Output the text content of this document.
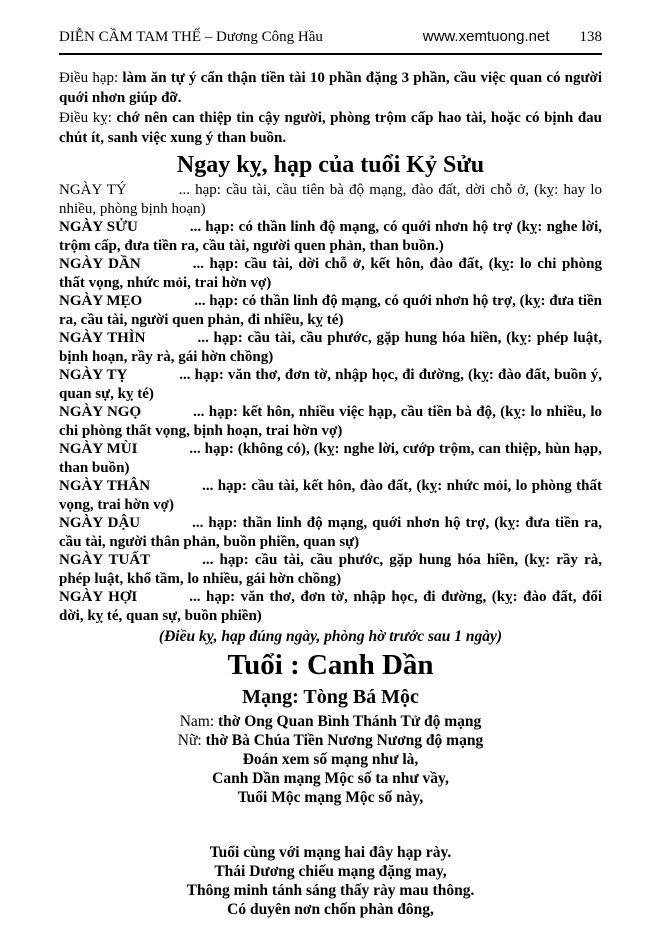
DIỄN CẦM TAM THẾ – Dương Công Hầu	www.xemtuong.net 138

Điều hạp: làm ăn tự ý cẩn thận tiền tài 10 phần đặng 3 phần, cầu việc quan có người quới nhơn giúp đỡ.

Điều kỵ: chớ nên can thiệp tin cậy người, phòng trộm cấp hao tài, hoặc có bịnh đau chút ít, sanh việc xung ý than buồn.

Ngay kỵ, hạp của tuổi Kỷ Sửu

NGÀY TÝ	... hạp: cầu tài, cầu tiên bà độ mạng, đào đất, dời chỗ ở, (kỵ: hay lo nhiều, phòng bịnh hoạn)

NGÀY SỬU	... hạp: có thần linh độ mạng, có quới nhơn hộ trợ (kỵ: nghe lời, trộm cấp, đưa tiền ra, cầu tài, người quen phản, than buồn.)

NGÀY DẦN	... hạp: cầu tài, dời chỗ ở, kết hôn, đào đất, (kỵ: lo chi phòng thất vọng, nhức mỏi, trai hờn vợ)

NGÀY MẸO	... hạp: có thần linh độ mạng, có quới nhơn hộ trợ, (kỵ: đưa tiền ra, cầu tài, người quen phản, đi nhiều, kỵ té)

NGÀY THÌN	... hạp: cầu tài, cầu phước, gặp hung hóa hiền, (kỵ: phép luật, bịnh hoạn, rầy rà, gái hờn chồng)

NGÀY TỴ	... hạp: văn thơ, đơn tờ, nhập học, đi đường, (kỵ: đào đất, buồn ý, quan sự, kỵ té)

NGÀY NGỌ	... hạp: kết hôn, nhiều việc hạp, cầu tiền bà độ, (kỵ: lo nhiều, lo chi phòng thất vọng, bịnh hoạn, trai hờn vợ)

NGÀY MÙI	... hạp: (không có), (kỵ: nghe lời, cướp trộm, can thiệp, hùn hạp, than buồn)

NGÀY THÂN	... hạp: cầu tài, kết hôn, đào đất, (kỵ: nhức mỏi, lo phòng thất vọng, trai hờn vợ)

NGÀY DẬU	... hạp: thần linh độ mạng, quới nhơn hộ trợ, (kỵ: đưa tiền ra, cầu tài, người thân phản, buồn phiền, quan sự)

NGÀY TUẤT	... hạp: cầu tài, cầu phước, gặp hung hóa hiền, (kỵ: rầy rà, phép luật, khổ tầm, lo nhiều, gái hờn chồng)

NGÀY HỢI	... hạp: văn thơ, đơn tờ, nhập học, đi đường, (kỵ: đào đất, đổi dời, kỵ té, quan sự, buồn phiền)

(Điều kỵ, hạp đúng ngày, phòng hờ trước sau 1 ngày)

Tuổi : Canh Dần
Mạng: Tòng Bá Mộc

Nam: thờ Ong Quan Bình Thánh Tử độ mạng

Nữ: thờ Bà Chúa Tiền Nương Nương độ mạng

Đoán xem số mạng như là,

Canh Dần mạng Mộc số ta như vầy,

Tuổi Mộc mạng Mộc số này,

Tuổi cùng với mạng hai đây hạp rày.

Thái Dương chiếu mạng đặng may,

Thông minh tánh sáng thấy rày mau thông.

Có duyên nơn chốn phàn đông,
